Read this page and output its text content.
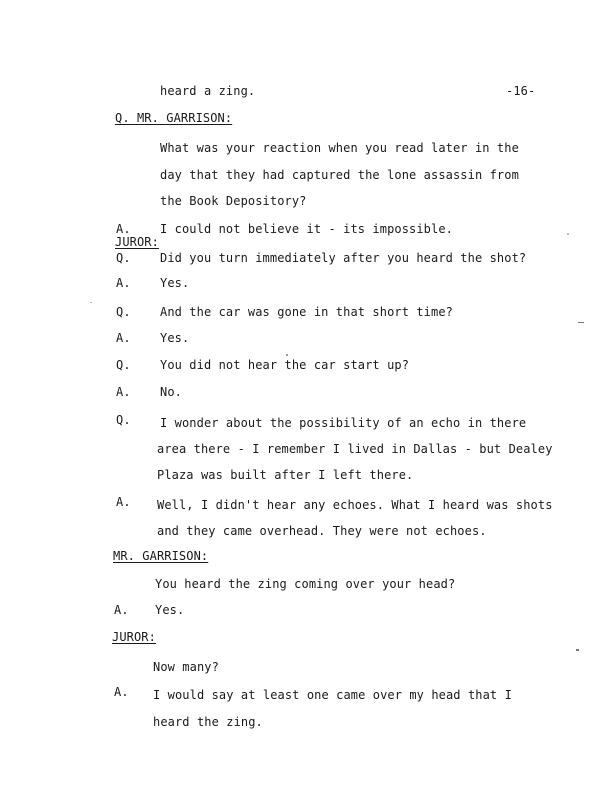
heard a zing.	-16-
Q. MR. GARRISON:
What was your reaction when you read later in the
day that they had captured the lone assassin from
the Book Depository?
A. I could not believe it - its impossible.
JUROR:
Q. Did you turn immediately after you heard the shot?
A. Yes.
Q. And the car was gone in that short time?
A. Yes.
Q. You did not hear the car start up?
A. No.
Q. I wonder about the possibility of an echo in there
area there - I remember I lived in Dallas - but Dealey
Plaza was built after I left there.
A. Well, I didn't hear any echoes. What I heard was shots
and they came overhead. They were not echoes.
MR. GARRISON:
You heard the zing coming over your head?
A. Yes.
JUROR:
Now many?
A. I would say at least one came over my head that I
heard the zing.
